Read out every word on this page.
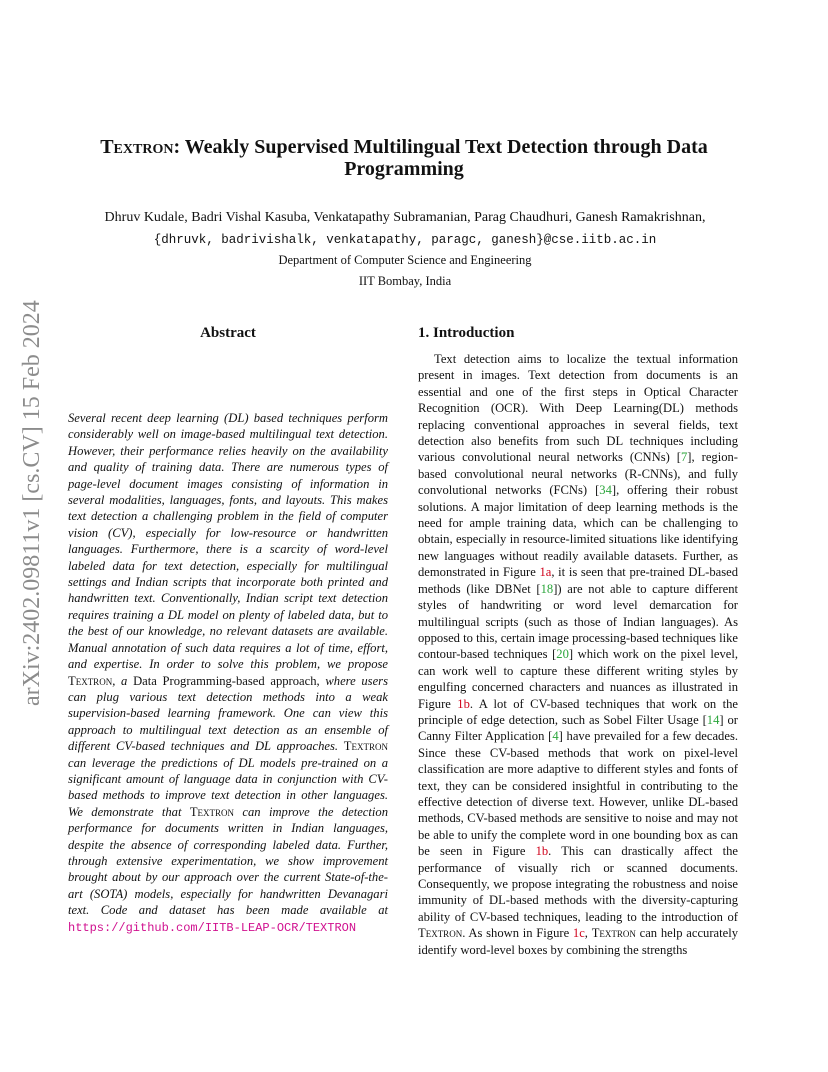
arXiv:2402.09811v1 [cs.CV] 15 Feb 2024
Textron: Weakly Supervised Multilingual Text Detection through Data Programming

Dhruv Kudale, Badri Vishal Kasuba, Venkatapathy Subramanian, Parag Chaudhuri, Ganesh Ramakrishnan,

{dhruvk, badrivishalk, venkatapathy, paragc, ganesh}@cse.iitb.ac.in

Department of Computer Science and Engineering

IIT Bombay, India

Abstract

Several recent deep learning (DL) based techniques perform considerably well on image-based multilingual text detection. However, their performance relies heavily on the availability and quality of training data. There are numerous types of page-level document images consisting of information in several modalities, languages, fonts, and layouts. This makes text detection a challenging problem in the field of computer vision (CV), especially for low-resource or handwritten languages. Furthermore, there is a scarcity of word-level labeled data for text detection, especially for multilingual settings and Indian scripts that incorporate both printed and handwritten text. Conventionally, Indian script text detection requires training a DL model on plenty of labeled data, but to the best of our knowledge, no relevant datasets are available. Manual annotation of such data requires a lot of time, effort, and expertise. In order to solve this problem, we propose Textron, a Data Programming-based approach, where users can plug various text detection methods into a weak supervision-based learning framework. One can view this approach to multilingual text detection as an ensemble of different CV-based techniques and DL approaches. Textron can leverage the predictions of DL models pre-trained on a significant amount of language data in conjunction with CV-based methods to improve text detection in other languages. We demonstrate that Textron can improve the detection performance for documents written in Indian languages, despite the absence of corresponding labeled data. Further, through extensive experimentation, we show improvement brought about by our approach over the current State-of-the-art (SOTA) models, especially for handwritten Devanagari text. Code and dataset has been made available at https://github.com/IITB-LEAP-OCR/TEXTRON

1. Introduction

Text detection aims to localize the textual information present in images. Text detection from documents is an essential and one of the first steps in Optical Character Recognition (OCR). With Deep Learning(DL) methods replacing conventional approaches in several fields, text detection also benefits from such DL techniques including various convolutional neural networks (CNNs) [7], region-based convolutional neural networks (R-CNNs), and fully convolutional networks (FCNs) [34], offering their robust solutions. A major limitation of deep learning methods is the need for ample training data, which can be challenging to obtain, especially in resource-limited situations like identifying new languages without readily available datasets. Further, as demonstrated in Figure 1a, it is seen that pre-trained DL-based methods (like DBNet [18]) are not able to capture different styles of handwriting or word level demarcation for multilingual scripts (such as those of Indian languages). As opposed to this, certain image processing-based techniques like contour-based techniques [20] which work on the pixel level, can work well to capture these different writing styles by engulfing concerned characters and nuances as illustrated in Figure 1b. A lot of CV-based techniques that work on the principle of edge detection, such as Sobel Filter Usage [14] or Canny Filter Application [4] have prevailed for a few decades. Since these CV-based methods that work on pixel-level classification are more adaptive to different styles and fonts of text, they can be considered insightful in contributing to the effective detection of diverse text. However, unlike DL-based methods, CV-based methods are sensitive to noise and may not be able to unify the complete word in one bounding box as can be seen in Figure 1b. This can drastically affect the performance of visually rich or scanned documents. Consequently, we propose integrating the robustness and noise immunity of DL-based methods with the diversity-capturing ability of CV-based techniques, leading to the introduction of Textron. As shown in Figure 1c, Textron can help accurately identify word-level boxes by combining the strengths
